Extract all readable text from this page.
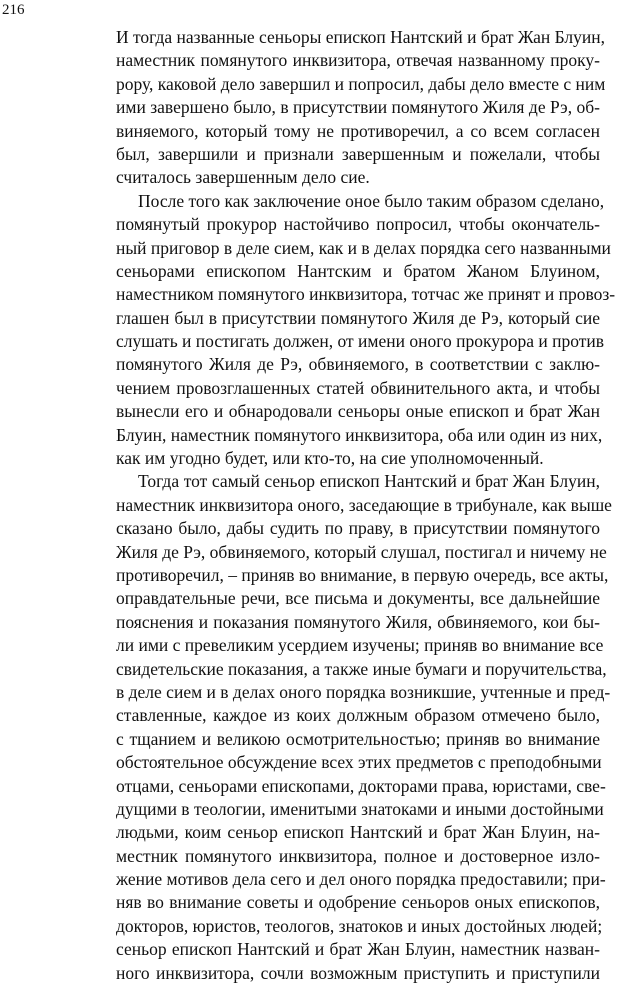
216
И тогда названные сеньоры епископ Нантский и брат Жан Блуин,
наместник помянутого инквизитора, отвечая названному проку-
рору, каковой дело завершил и попросил, дабы дело вместе с ним
ими завершено было, в присутствии помянутого Жиля де Рэ, об-
виняемого, который тому не противоречил, а со всем согласен
был, завершили и признали завершенным и пожелали, чтобы
считалось завершенным дело сие.
После того как заключение оное было таким образом сделано,
помянутый прокурор настойчиво попросил, чтобы окончатель-
ный приговор в деле сием, как и в делах порядка сего названными
сеньорами епископом Нантским и братом Жаном Блуином,
наместником помянутого инквизитора, тотчас же принят и провоз-
глашен был в присутствии помянутого Жиля де Рэ, который сие
слушать и постигать должен, от имени оного прокурора и против
помянутого Жиля де Рэ, обвиняемого, в соответствии с заклю-
чением провозглашенных статей обвинительного акта, и чтобы
вынесли его и обнародовали сеньоры оные епископ и брат Жан
Блуин, наместник помянутого инквизитора, оба или один из них,
как им угодно будет, или кто-то, на сие уполномоченный.
Тогда тот самый сеньор епископ Нантский и брат Жан Блуин,
наместник инквизитора оного, заседающие в трибунале, как выше
сказано было, дабы судить по праву, в присутствии помянутого
Жиля де Рэ, обвиняемого, который слушал, постигал и ничему не
противоречил, – приняв во внимание, в первую очередь, все акты,
оправдательные речи, все письма и документы, все дальнейшие
пояснения и показания помянутого Жиля, обвиняемого, кои бы-
ли ими с превеликим усердием изучены; приняв во внимание все
свидетельские показания, а также иные бумаги и поручительства,
в деле сием и в делах оного порядка возникшие, учтенные и пред-
ставленные, каждое из коих должным образом отмечено было,
с тщанием и великою осмотрительностью; приняв во внимание
обстоятельное обсуждение всех этих предметов с преподобными
отцами, сеньорами епископами, докторами права, юристами, све-
дущими в теологии, именитыми знатоками и иными достойными
людьми, коим сеньор епископ Нантский и брат Жан Блуин, на-
местник помянутого инквизитора, полное и достоверное изло-
жение мотивов дела сего и дел оного порядка предоставили; при-
няв во внимание советы и одобрение сеньоров оных епископов,
докторов, юристов, теологов, знатоков и иных достойных людей;
сеньор епископ Нантский и брат Жан Блуин, наместник назван-
ного инквизитора, сочли возможным приступить и приступили
